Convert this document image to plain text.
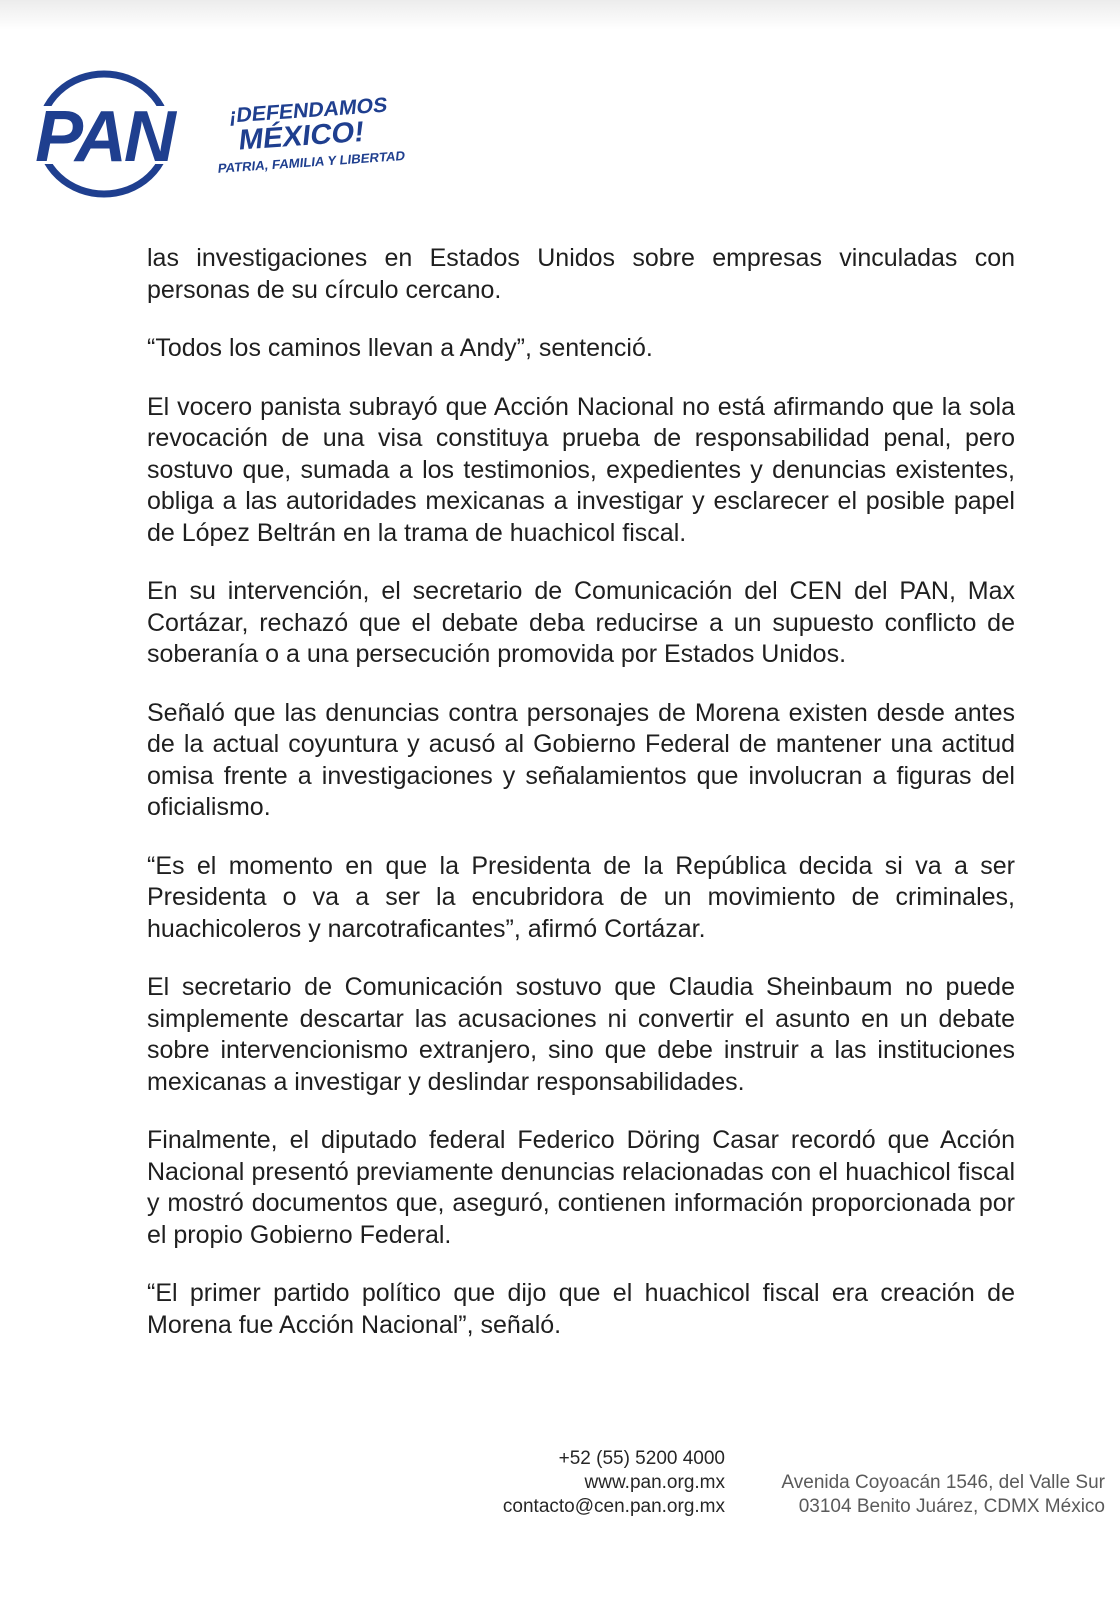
PAN	¡DEFENDAMOS
MÉXICO!
PATRIA, FAMILIA Y LIBERTAD

las investigaciones en Estados Unidos sobre empresas vinculadas con personas de su círculo cercano.

“Todos los caminos llevan a Andy”, sentenció.

El vocero panista subrayó que Acción Nacional no está afirmando que la sola revocación de una visa constituya prueba de responsabilidad penal, pero sostuvo que, sumada a los testimonios, expedientes y denuncias existentes, obliga a las autoridades mexicanas a investigar y esclarecer el posible papel de López Beltrán en la trama de huachicol fiscal.

En su intervención, el secretario de Comunicación del CEN del PAN, Max Cortázar, rechazó que el debate deba reducirse a un supuesto conflicto de soberanía o a una persecución promovida por Estados Unidos.

Señaló que las denuncias contra personajes de Morena existen desde antes de la actual coyuntura y acusó al Gobierno Federal de mantener una actitud omisa frente a investigaciones y señalamientos que involucran a figuras del oficialismo.

“Es el momento en que la Presidenta de la República decida si va a ser Presidenta o va a ser la encubridora de un movimiento de criminales, huachicoleros y narcotraficantes”, afirmó Cortázar.

El secretario de Comunicación sostuvo que Claudia Sheinbaum no puede simplemente descartar las acusaciones ni convertir el asunto en un debate sobre intervencionismo extranjero, sino que debe instruir a las instituciones mexicanas a investigar y deslindar responsabilidades.

Finalmente, el diputado federal Federico Döring Casar recordó que Acción Nacional presentó previamente denuncias relacionadas con el huachicol fiscal y mostró documentos que, aseguró, contienen información proporcionada por el propio Gobierno Federal.

“El primer partido político que dijo que el huachicol fiscal era creación de Morena fue Acción Nacional”, señaló.

+52 (55) 5200 4000
www.pan.org.mx
contacto@cen.pan.org.mx
Avenida Coyoacán 1546, del Valle Sur
03104 Benito Juárez, CDMX México
